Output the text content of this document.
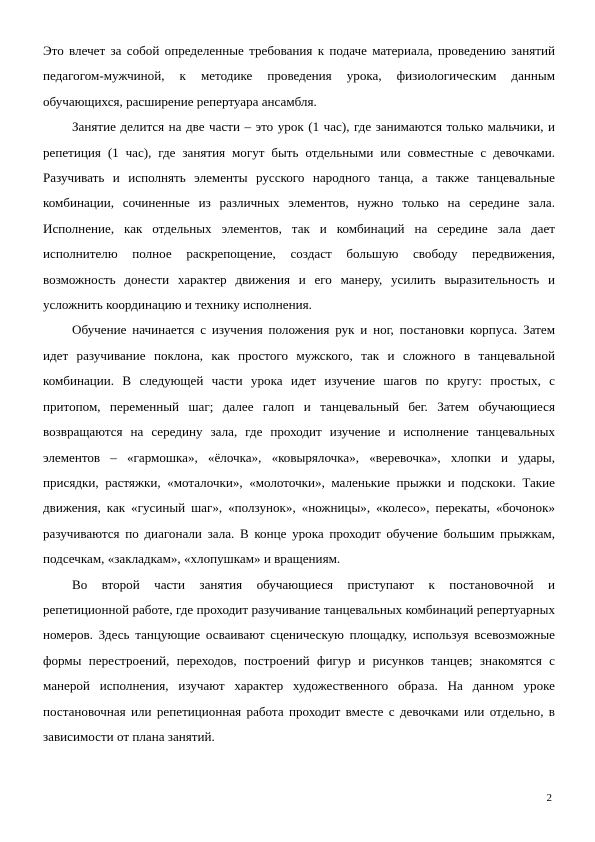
Это влечет за собой определенные требования к подаче материала, проведению занятий педагогом-мужчиной, к методике проведения урока, физиологическим данным обучающихся, расширение репертуара ансамбля.

Занятие делится на две части – это урок (1 час), где занимаются только мальчики, и репетиция (1 час), где занятия могут быть отдельными или совместные с девочками. Разучивать и исполнять элементы русского народного танца, а также танцевальные комбинации, сочиненные из различных элементов, нужно только на середине зала. Исполнение, как отдельных элементов, так и комбинаций на середине зала дает исполнителю полное раскрепощение, создаст большую свободу передвижения, возможность донести характер движения и его манеру, усилить выразительность и усложнить координацию и технику исполнения.

Обучение начинается с изучения положения рук и ног, постановки корпуса. Затем идет разучивание поклона, как простого мужского, так и сложного в танцевальной комбинации. В следующей части урока идет изучение шагов по кругу: простых, с притопом, переменный шаг; далее галоп и танцевальный бег. Затем обучающиеся возвращаются на середину зала, где проходит изучение и исполнение танцевальных элементов – «гармошка», «ёлочка», «ковырялочка», «веревочка», хлопки и удары, присядки, растяжки, «моталочки», «молоточки», маленькие прыжки и подскоки. Такие движения, как «гусиный шаг», «ползунок», «ножницы», «колесо», перекаты, «бочонок» разучиваются по диагонали зала. В конце урока проходит обучение большим прыжкам, подсечкам, «закладкам», «хлопушкам» и вращениям.

Во второй части занятия обучающиеся приступают к постановочной и репетиционной работе, где проходит разучивание танцевальных комбинаций репертуарных номеров. Здесь танцующие осваивают сценическую площадку, используя всевозможные формы перестроений, переходов, построений фигур и рисунков танцев; знакомятся с манерой исполнения, изучают характер художественного образа. На данном уроке постановочная или репетиционная работа проходит вместе с девочками или отдельно, в зависимости от плана занятий.

2
